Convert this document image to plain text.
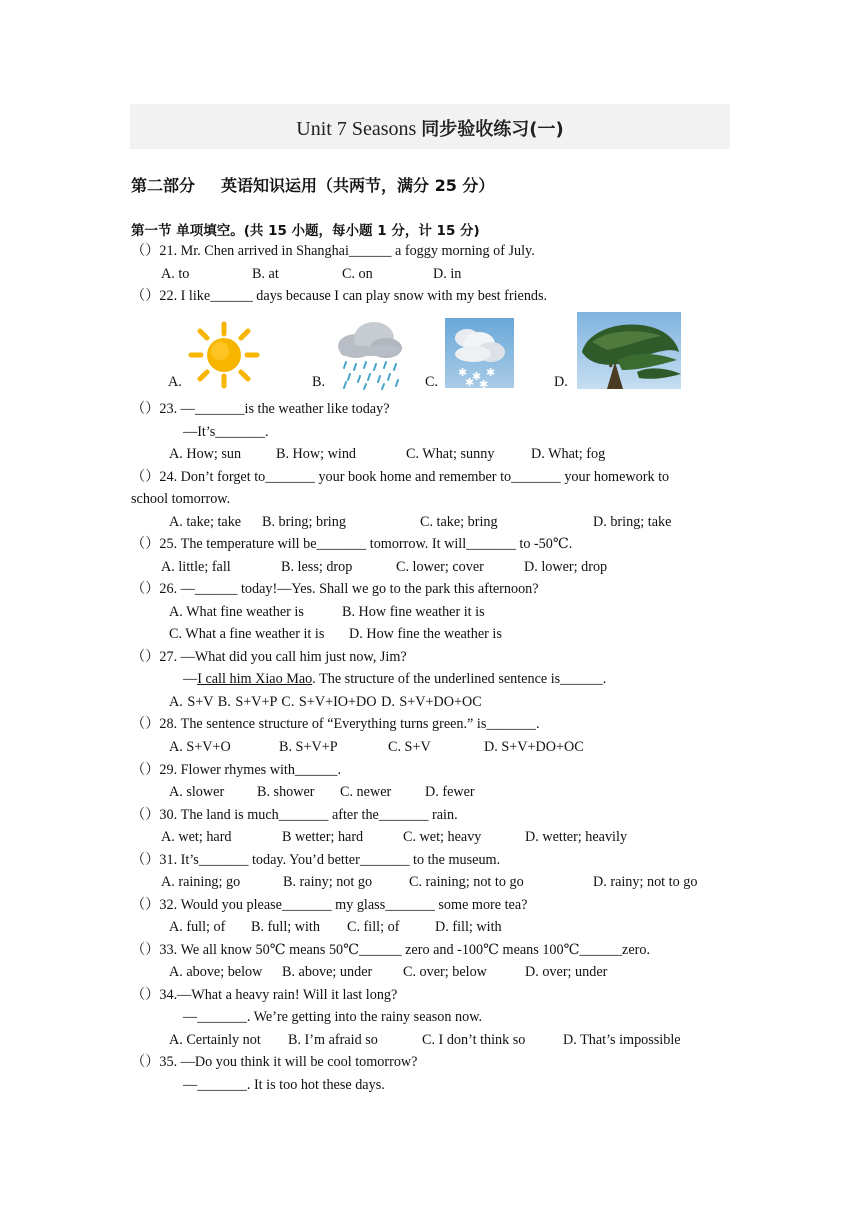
Unit 7 Seasons 同步验收练习(一)
第二部分 英语知识运用（共两节，满分 25 分）
第一节 单项填空。(共 15 小题，每小题 1 分，计 15 分)
（）21. Mr. Chen arrived in Shanghai______ a foggy morning of July.
A. to	B. at	C. on	D. in
（）22. I like______ days because I can play snow with my best friends.
A.	B.
✱ ✱ ✱
✱ ✱
C.	D.
（）23. —_______is the weather like today?
—It’s_______.
A. How; sun B. How; wind	C. What; sunny	D. What; fog
（）24. Don’t forget to_______ your book home and remember to_______ your homework to
school tomorrow.
A. take; take B. bring; bring	C. take; bring	D. bring; take
（）25. The temperature will be_______ tomorrow. It will_______ to -50℃.
A. little; fall	B. less; drop	C. lower; cover	D. lower; drop
（）26. —______ today!—Yes. Shall we go to the park this afternoon?
A. What fine weather is	B. How fine weather it is
C. What a fine weather it is D. How fine the weather is
（）27. —What did you call him just now, Jim?
—I call him Xiao Mao. The structure of the underlined sentence is______.
A. S+V B. S+V+P C. S+V+IO+DO D. S+V+DO+OC
（）28. The sentence structure of “Everything turns green.” is_______.
A. S+V+O	B. S+V+P	C. S+V	D. S+V+DO+OC
（）29. Flower rhymes with______.
A. slower B. shower C. newer D. fewer
（）30. The land is much_______ after the_______ rain.
A. wet; hard	B wetter; hard	C. wet; heavy	D. wetter; heavily
（）31. It’s_______ today. You’d better_______ to the museum.
A. raining; go	B. rainy; not go	C. raining; not to go	D. rainy; not to go
（）32. Would you please_______ my glass_______ some more tea?
A. full; of B. full; with C. fill; of	D. fill; with
（）33. We all know 50℃ means 50℃______ zero and -100℃ means 100℃______zero.
A. above; below B. above; under C. over; below	D. over; under
（）34.—What a heavy rain! Will it last long?
—_______. We’re getting into the rainy season now.
A. Certainly not B. I’m afraid so	C. I don’t think so	D. That’s impossible
（）35. —Do you think it will be cool tomorrow?
—_______. It is too hot these days.
